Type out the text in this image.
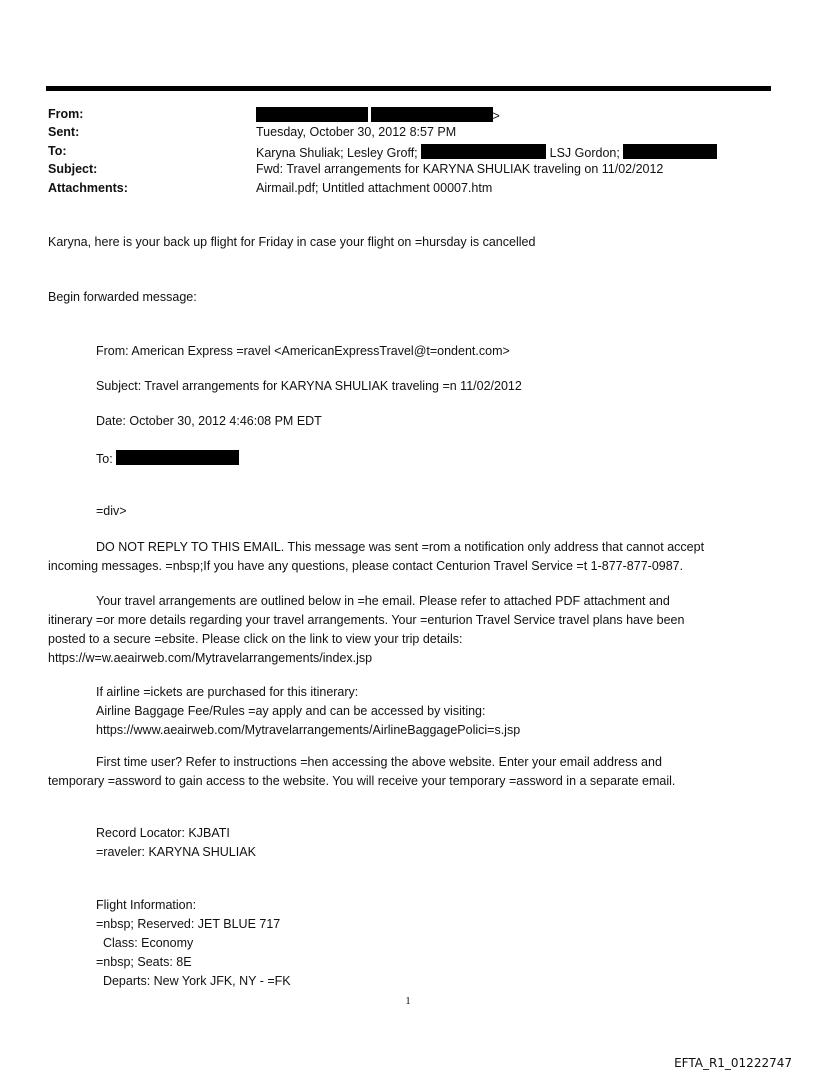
From:	>
Sent:	Tuesday, October 30, 2012 8:57 PM
To:	Karyna Shuliak; Lesley Groff;	LSJ Gordon;
Subject:	Fwd: Travel arrangements for KARYNA SHULIAK traveling on 11/02/2012
Attachments:	Airmail.pdf; Untitled attachment 00007.htm
Karyna, here is your back up flight for Friday in case your flight on =hursday is cancelled
Begin forwarded message:
From: American Express =ravel <AmericanExpressTravel@t=ondent.com>
Subject: Travel arrangements for KARYNA SHULIAK traveling =n 11/02/2012
Date: October 30, 2012 4:46:08 PM EDT
To:
=div>
DO NOT REPLY TO THIS EMAIL. This message was sent =rom a notification only address that cannot accept
incoming messages. =nbsp;If you have any questions, please contact Centurion Travel Service =t 1-877-877-0987.
Your travel arrangements are outlined below in =he email. Please refer to attached PDF attachment and
itinerary =or more details regarding your travel arrangements. Your =enturion Travel Service travel plans have been
posted to a secure =ebsite. Please click on the link to view your trip details:
https://w=w.aeairweb.com/Mytravelarrangements/index.jsp
If airline =ickets are purchased for this itinerary:
Airline Baggage Fee/Rules =ay apply and can be accessed by visiting:
https://www.aeairweb.com/Mytravelarrangements/AirlineBaggagePolici=s.jsp
First time user? Refer to instructions =hen accessing the above website. Enter your email address and
temporary =assword to gain access to the website. You will receive your temporary =assword in a separate email.
Record Locator: KJBATI
=raveler: KARYNA SHULIAK
Flight Information:
=nbsp; Reserved: JET BLUE 717
Class: Economy
=nbsp; Seats: 8E
Departs: New York JFK, NY - =FK
1
EFTA_R1_01222747
